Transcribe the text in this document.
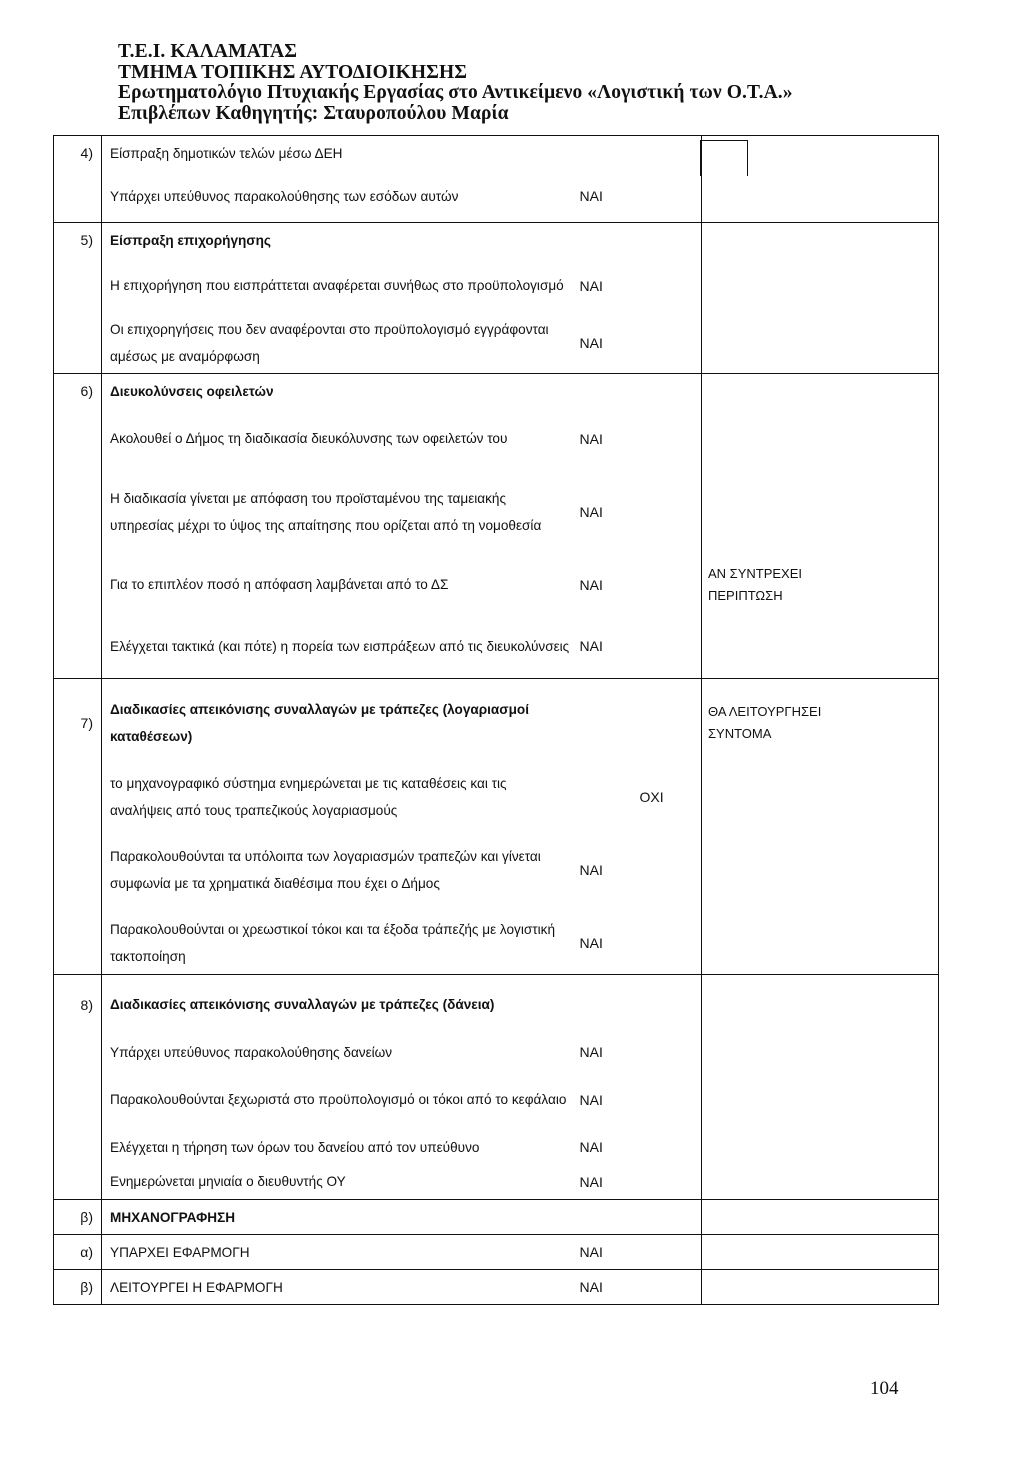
Τ.Ε.Ι. ΚΑΛΑΜΑΤΑΣ
ΤΜΗΜΑ ΤΟΠΙΚΗΣ ΑΥΤΟΔΙΟΙΚΗΣΗΣ
Ερωτηματολόγιο Πτυχιακής Εργασίας στο Αντικείμενο «Λογιστική των Ο.Τ.Α.»
Επιβλέπων Καθηγητής: Σταυροπούλου Μαρία
4)	Είσπραξη δημοτικών τελών μέσω ΔΕΗ				
	Υπάρχει υπεύθυνος παρακολούθησης των εσόδων αυτών	ΝΑΙ			
5)	Είσπραξη επιχορήγησης				
	Η επιχορήγηση που εισπράττεται αναφέρεται συνήθως στο προϋπολογισμό	ΝΑΙ			
	Οι επιχορηγήσεις που δεν αναφέρονται στο προϋπολογισμό εγγράφονται αμέσως με αναμόρφωση	ΝΑΙ			
6)	Διευκολύνσεις οφειλετών				
	Ακολουθεί ο Δήμος τη διαδικασία διευκόλυνσης των οφειλετών του	ΝΑΙ			
	Η διαδικασία γίνεται με απόφαση του προϊσταμένου της ταμειακής υπηρεσίας μέχρι το ύψος της απαίτησης που ορίζεται από τη νομοθεσία	ΝΑΙ			
	Για το επιπλέον ποσό η απόφαση λαμβάνεται από το ΔΣ	ΝΑΙ		ΑΝ ΣΥΝΤΡΕΧΕΙ ΠΕΡΙΠΤΩΣΗ	
	Ελέγχεται τακτικά (και πότε) η πορεία των εισπράξεων από τις διευκολύνσεις	ΝΑΙ			
7)	Διαδικασίες απεικόνισης συναλλαγών με τράπεζες (λογαριασμοί καταθέσεων)			ΘΑ ΛΕΙΤΟΥΡΓΗΣΕΙ ΣΥΝΤΟΜΑ	
	το μηχανογραφικό σύστημα ενημερώνεται με τις καταθέσεις και τις αναλήψεις από τους τραπεζικούς λογαριασμούς		ΟΧΙ		
	Παρακολουθούνται τα υπόλοιπα των λογαριασμών τραπεζών και γίνεται συμφωνία με τα χρηματικά διαθέσιμα που έχει ο Δήμος	ΝΑΙ			
	Παρακολουθούνται οι χρεωστικοί τόκοι και τα έξοδα τράπεζής με λογιστική τακτοποίηση	ΝΑΙ			
8)	Διαδικασίες απεικόνισης συναλλαγών με τράπεζες (δάνεια)				
	Υπάρχει υπεύθυνος παρακολούθησης δανείων	ΝΑΙ			
	Παρακολουθούνται ξεχωριστά στο προϋπολογισμό οι τόκοι από το κεφάλαιο	ΝΑΙ			
	Ελέγχεται η τήρηση των όρων του δανείου από τον υπεύθυνο	ΝΑΙ			
	Ενημερώνεται μηνιαία ο διευθυντής ΟΥ	ΝΑΙ			
β)	ΜΗΧΑΝΟΓΡΑΦΗΣΗ				
α)	ΥΠΑΡΧΕΙ ΕΦΑΡΜΟΓΗ	ΝΑΙ			
β)	ΛΕΙΤΟΥΡΓΕΙ Η ΕΦΑΡΜΟΓΗ	ΝΑΙ			
104
